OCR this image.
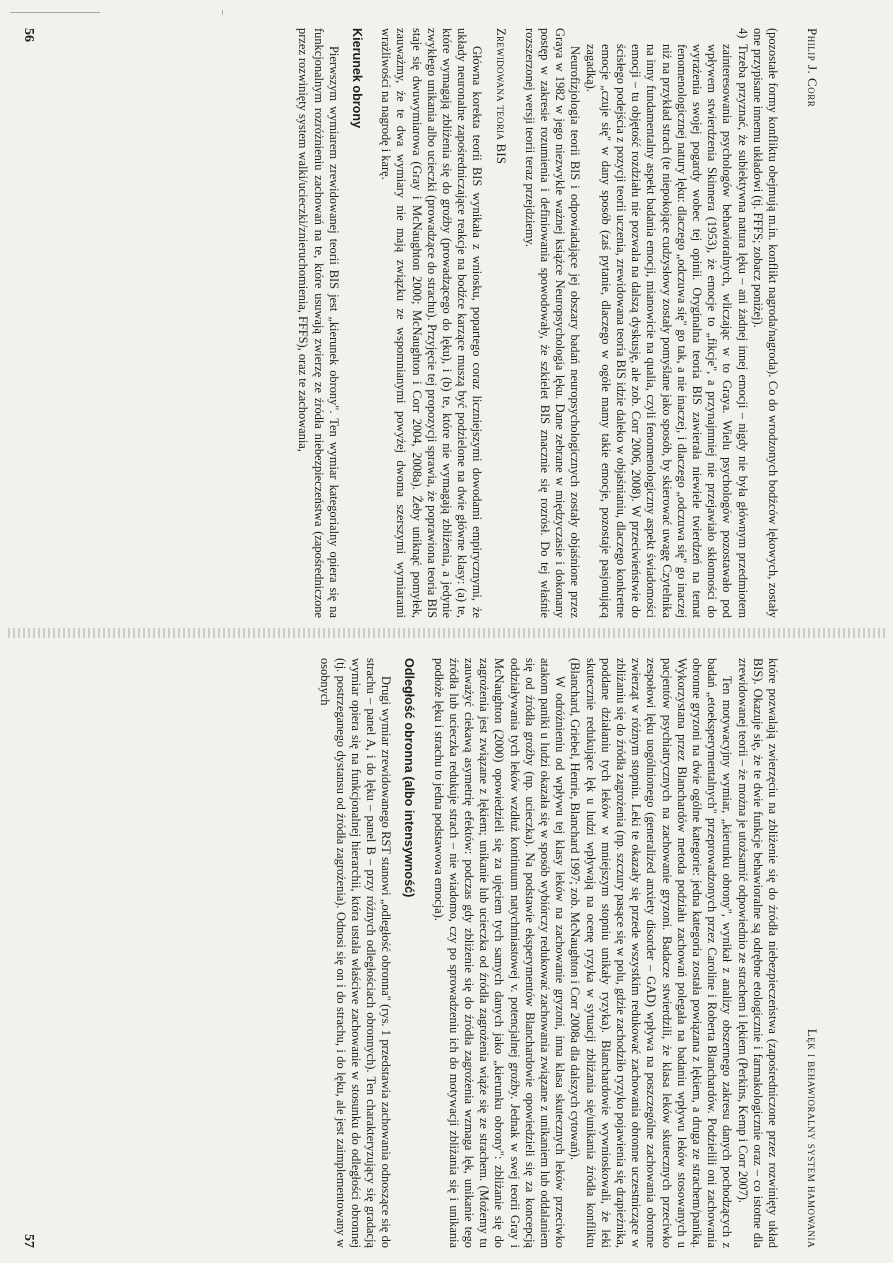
Philip J. Corr

(pozostałe formy konfliktu obejmują m.in. konflikt nagroda/nagroda). Co do wrodzonych bodźców lękowych, zostały one przypisane innemu układowi (tj. FFFS; zobacz poniżej).

4)
Trzeba przyznać, że subiektywna natura lęku – ani żadnej innej emocji – nigdy nie była głównym przedmiotem zainteresowania psychologów behawioralnych, wliczając w to Graya. Wielu psychologów pozostawało pod wpływem stwierdzenia Skinnera (1953), że emocje to „fikcje", a przynajmniej nie przejawiało skłonności do wyrażenia swojej pogardy wobec tej opinii. Oryginalna teoria BIS zawierała niewiele twierdzeń na temat fenomenologicznej natury lęku: dlaczego „odczuwa się" go tak, a nie inaczej, i dlaczego „odczuwa się" go inaczej niż na przykład strach (te niepokojące cudzysłowy zostały pomyślane jako sposób, by skierować uwagę Czytelnika na inny fundamentalny aspekt badania emocji, mianowicie na qualia, czyli fenomenologiczny aspekt świadomości emocji – tu objętość rozdziału nie pozwala na dalszą dyskusję, ale zob. Corr 2006, 2008). W przeciwieństwie do ścisłego podejścia z pozycji teorii uczenia, zrewidowana teoria BIS idzie daleko w objaśnianiu, dlaczego konkretne emocje „czuje się" w dany sposób (zaś pytanie, dlaczego w ogóle mamy takie emocje, pozostaje pasjonującą zagadką).

Neurofizjologia teorii BIS i odpowiadające jej obszary badań neuropsychologicznych zostały objaśnione przez Graya w 1982 w jego niezwykle ważnej książce Neuropsychologia lęku. Dane zebrane w międzyczasie i dokonany postęp w zakresie rozumienia i definiowania spowodowały, że szkielet BIS znacznie się rozrósł. Do tej właśnie rozszerzonej wersji teorii teraz przejdziemy.

Zrewidowana teoria BIS

Główna korekta teorii BIS wynikała z wniosku, popartego coraz liczniejszymi dowodami empirycznymi, że układy neuronalne zapośredniczające reakcje na bodźce karzące muszą być podzielone na dwie główne klasy: (a) te, które wymagają zbliżenia się do groźby (prowadzącego do lęku), i (b) te, które nie wymagają zbliżenia, a jedynie zwykłego unikania albo ucieczki (prowadzące do strachu). Przyjęcie tej propozycji sprawia, że poprawiona teoria BIS staje się dwuwymiarowa (Gray i McNaughton 2000; McNaughton i Corr 2004, 2008a). Żeby uniknąć pomyłek, zauważmy, że te dwa wymiary nie mają związku ze wspomnianymi powyżej dwoma szerszymi wymiarami wrażliwości na nagrodę i karę.

Kierunek obrony

Pierwszym wymiarem zrewidowanej teorii BIS jest „kierunek obrony". Ten wymiar kategorialny opiera się na funkcjonalnym rozróżnieniu zachowań na te, które usuwają zwierzę ze źródła niebezpieczeństwa (zapośredniczone przez rozwinięty system walki/ucieczki/znieruchomienia, FFFS), oraz te zachowania,

56
Lęk i behawioralny system hamowania

które pozwalają zwierzęciu na zbliżenie się do źródła niebezpieczeństwa (zapośredniczone przez rozwinięty układ BIS). Okazuje się, że te dwie funkcje behawioralne są odrębne etologicznie i farmakologicznie oraz – co istotne dla zrewidowanej teorii – że można je utożsamić odpowiednio ze strachem i lękiem (Perkins, Kemp i Corr 2007).

Ten motywacyjny wymiar, „kierunku obrony", wynikał z analizy obszernego zakresu danych pochodzących z badań „etoeksperymentalnych" przeprowadzonych przez Caroline i Roberta Blanchardów. Podzielili oni zachowania obronne gryzoni na dwie ogólne kategorie: jedna kategoria została powiązana z lękiem, a druga ze strachem/paniką. Wykorzystana przez Blanchardów metoda podziału zachowań polegała na badaniu wpływu leków stosowanych u pacjentów psychiatrycznych na zachowanie gryzoni. Badacze stwierdzili, że klasa leków skutecznych przeciwko zespołowi lęku uogólnionego (generalized anxiety disorder – GAD) wpływa na poszczególne zachowania obronne zwierząt w różnym stopniu. Leki te okazały się przede wszystkim redukować zachowania obronne uczestniczące w zbliżaniu się do źródła zagrożenia (np. szczury pasące się w polu, gdzie zachodziło ryzyko pojawienia się drapieżnika, poddane działaniu tych leków w mniejszym stopniu unikały ryzyka). Blanchardowie wywnioskowali, że leki skutecznie redukujące lęk u ludzi wpływają na ocenę ryzyka w sytuacji zbliżania się/unikania źródła konfliktu (Blanchard, Griebel, Henrie, Blanchard 1997; zob. McNaughton i Corr 2008a dla dalszych cytowań).

W odróżnieniu od wpływu tej klasy leków na zachowanie gryzoni, inna klasa skutecznych leków przeciwko atakom paniki u ludzi okazała się w sposób wybiórczy redukować zachowania związane z unikaniem lub oddalaniem się od źródła groźby (np. ucieczka). Na podstawie eksperymentów Blanchardowie opowiedzieli się za koncepcją oddziaływania tych leków wzdłuż kontinuum natychmiastowej v. potencjalnej groźby. Jednak w swej teorii Gray i McNaughton (2000) opowiedzieli się za ujęciem tych samych danych jako „kierunku obrony": zbliżanie się do zagrożenia jest związane z lękiem; unikanie lub ucieczka od źródła zagrożenia wiąże się ze strachem. (Możemy tu zauważyć ciekawą asymetrię efektów: podczas gdy zbliżenie się do źródła zagrożenia wzmaga lęk, unikanie tego źródła lub ucieczka redukuje strach – nie wiadomo, czy po sprowadzeniu ich do motywacji zbliżania się i unikania podłoże lęku i strachu to jedna podstawowa emocja).

Odległość obronna (albo intensywność)

Drugi wymiar zrewidowanego RST stanowi „odległość obronna" (rys. 1 przedstawia zachowania odnoszące się do strachu – panel A, i do lęku – panel B – przy różnych odległościach obronnych). Ten charakteryzujący się gradacją wymiar opiera się na funkcjonalnej hierarchii, która ustala właściwe zachowanie w stosunku do odległości obronnej (tj. postrzeganego dystansu od źródła zagrożenia). Odnosi się on i do strachu, i do lęku, ale jest zaimplementowany w osobnych

57
